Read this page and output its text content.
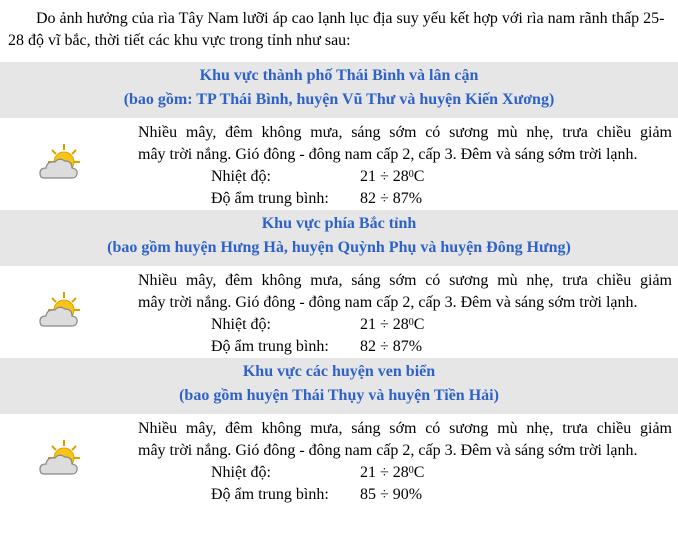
Do ảnh hưởng của rìa Tây Nam lưỡi áp cao lạnh lục địa suy yếu kết hợp với rìa nam rãnh thấp 25-28 độ vĩ bắc, thời tiết các khu vực trong tỉnh như sau:

Khu vực thành phố Thái Bình và lân cận
(bao gồm: TP Thái Bình, huyện Vũ Thư và huyện Kiến Xương)
Nhiều mây, đêm không mưa, sáng sớm có sương mù nhẹ, trưa chiều giảm
mây trời nắng. Gió đông - đông nam cấp 2, cấp 3. Đêm và sáng sớm trời lạnh.
Nhiệt độ:	$21 \div 28^0C$
Độ ẩm trung bình: 82 ÷ 87%
Khu vực phía Bắc tỉnh
(bao gồm huyện Hưng Hà, huyện Quỳnh Phụ và huyện Đông Hưng)
Nhiều mây, đêm không mưa, sáng sớm có sương mù nhẹ, trưa chiều giảm
mây trời nắng. Gió đông - đông nam cấp 2, cấp 3. Đêm và sáng sớm trời lạnh.
Nhiệt độ:	$21 \div 28^0C$
Độ ẩm trung bình: 82 ÷ 87%
Khu vực các huyện ven biển
(bao gồm huyện Thái Thụy và huyện Tiền Hải)
Nhiều mây, đêm không mưa, sáng sớm có sương mù nhẹ, trưa chiều giảm
mây trời nắng. Gió đông - đông nam cấp 2, cấp 3. Đêm và sáng sớm trời lạnh.
Nhiệt độ:	$21 \div 28^0C$
Độ ẩm trung bình: 85 ÷ 90%
